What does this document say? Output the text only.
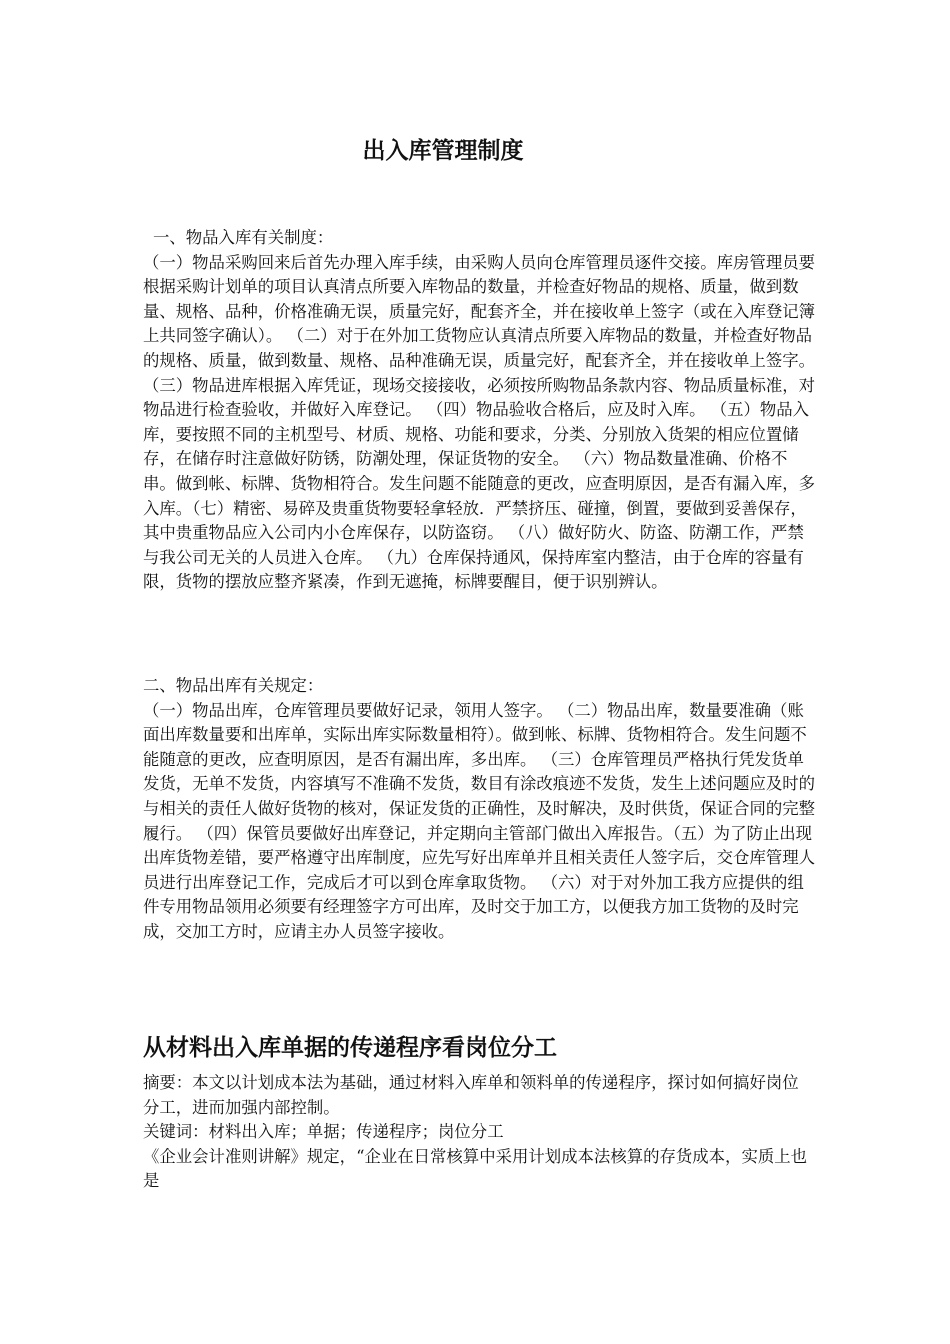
出入库管理制度

一、物品入库有关制度：

（一）物品采购回来后首先办理入库手续，由采购人员向仓库管理员逐件交接。库房管理员要根据采购计划单的项目认真清点所要入库物品的数量，并检查好物品的规格、质量，做到数量、规格、品种，价格准确无误，质量完好，配套齐全，并在接收单上签字（或在入库登记簿上共同签字确认）。 （二）对于在外加工货物应认真清点所要入库物品的数量，并检查好物品的规格、质量，做到数量、规格、品种准确无误，质量完好，配套齐全，并在接收单上签字。（三）物品进库根据入库凭证，现场交接接收，必须按所购物品条款内容、物品质量标准，对物品进行检查验收，并做好入库登记。 （四）物品验收合格后，应及时入库。 （五）物品入库，要按照不同的主机型号、材质、规格、功能和要求，分类、分别放入货架的相应位置储存，在储存时注意做好防锈，防潮处理，保证货物的安全。 （六）物品数量准确、价格不串。做到帐、标牌、货物相符合。发生问题不能随意的更改，应查明原因，是否有漏入库，多入库。（七）精密、易碎及贵重货物要轻拿轻放．严禁挤压、碰撞，倒置，要做到妥善保存，其中贵重物品应入公司内小仓库保存，以防盗窃。 （八）做好防火、防盗、防潮工作，严禁与我公司无关的人员进入仓库。 （九）仓库保持通风，保持库室内整洁，由于仓库的容量有限，货物的摆放应整齐紧凑，作到无遮掩，标牌要醒目，便于识别辨认。

二、物品出库有关规定：

（一）物品出库，仓库管理员要做好记录，领用人签字。 （二）物品出库，数量要准确（账面出库数量要和出库单，实际出库实际数量相符）。做到帐、标牌、货物相符合。发生问题不能随意的更改，应查明原因，是否有漏出库，多出库。 （三）仓库管理员严格执行凭发货单发货，无单不发货，内容填写不准确不发货，数目有涂改痕迹不发货，发生上述问题应及时的与相关的责任人做好货物的核对，保证发货的正确性，及时解决，及时供货，保证合同的完整履行。 （四）保管员要做好出库登记，并定期向主管部门做出入库报告。（五）为了防止出现出库货物差错，要严格遵守出库制度，应先写好出库单并且相关责任人签字后，交仓库管理人员进行出库登记工作，完成后才可以到仓库拿取货物。 （六）对于对外加工我方应提供的组件专用物品领用必须要有经理签字方可出库，及时交于加工方，以便我方加工货物的及时完成，交加工方时，应请主办人员签字接收。

从材料出入库单据的传递程序看岗位分工

摘要：本文以计划成本法为基础，通过材料入库单和领料单的传递程序，探讨如何搞好岗位

分工，进而加强内部控制。

关键词：材料出入库；单据；传递程序；岗位分工

《企业会计准则讲解》规定，“企业在日常核算中采用计划成本法核算的存货成本，实质上也是
